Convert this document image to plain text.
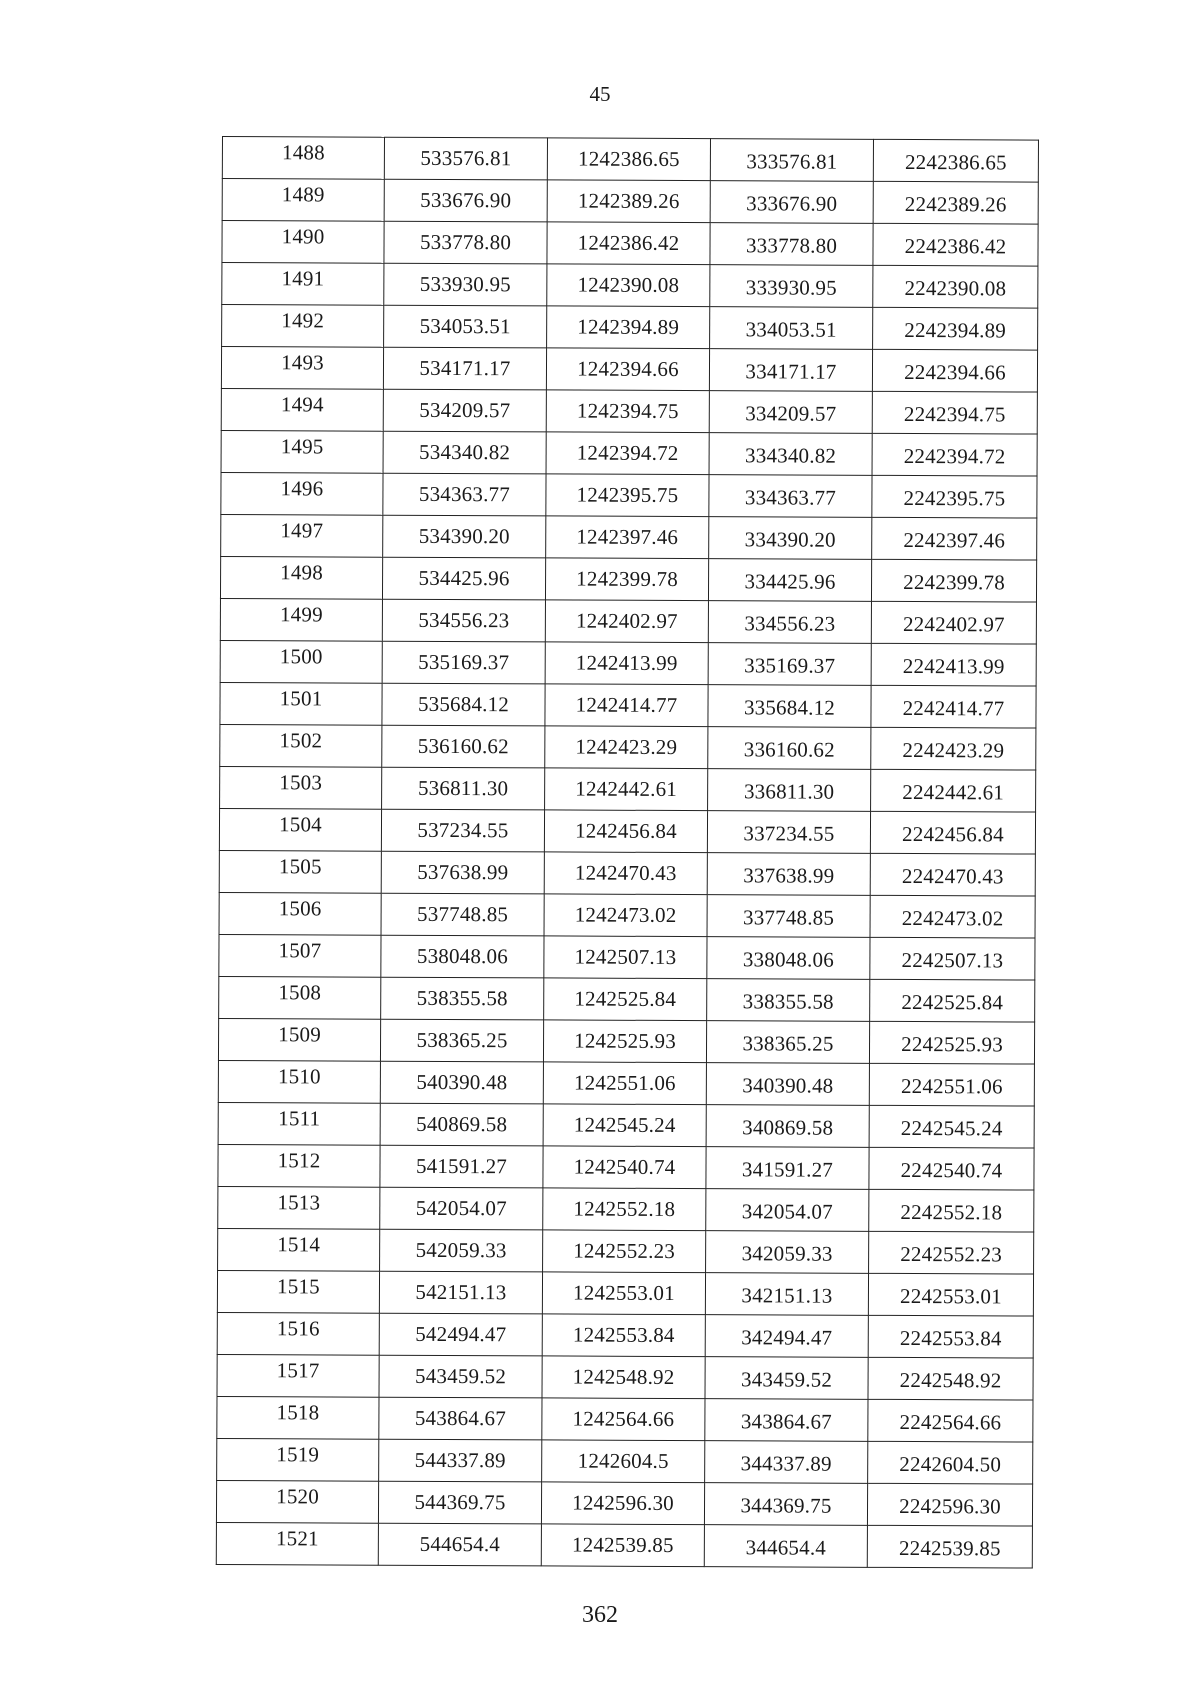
45
1488	533576.81	1242386.65	333576.81	2242386.65
1489	533676.90	1242389.26	333676.90	2242389.26
1490	533778.80	1242386.42	333778.80	2242386.42
1491	533930.95	1242390.08	333930.95	2242390.08
1492	534053.51	1242394.89	334053.51	2242394.89
1493	534171.17	1242394.66	334171.17	2242394.66
1494	534209.57	1242394.75	334209.57	2242394.75
1495	534340.82	1242394.72	334340.82	2242394.72
1496	534363.77	1242395.75	334363.77	2242395.75
1497	534390.20	1242397.46	334390.20	2242397.46
1498	534425.96	1242399.78	334425.96	2242399.78
1499	534556.23	1242402.97	334556.23	2242402.97
1500	535169.37	1242413.99	335169.37	2242413.99
1501	535684.12	1242414.77	335684.12	2242414.77
1502	536160.62	1242423.29	336160.62	2242423.29
1503	536811.30	1242442.61	336811.30	2242442.61
1504	537234.55	1242456.84	337234.55	2242456.84
1505	537638.99	1242470.43	337638.99	2242470.43
1506	537748.85	1242473.02	337748.85	2242473.02
1507	538048.06	1242507.13	338048.06	2242507.13
1508	538355.58	1242525.84	338355.58	2242525.84
1509	538365.25	1242525.93	338365.25	2242525.93
1510	540390.48	1242551.06	340390.48	2242551.06
1511	540869.58	1242545.24	340869.58	2242545.24
1512	541591.27	1242540.74	341591.27	2242540.74
1513	542054.07	1242552.18	342054.07	2242552.18
1514	542059.33	1242552.23	342059.33	2242552.23
1515	542151.13	1242553.01	342151.13	2242553.01
1516	542494.47	1242553.84	342494.47	2242553.84
1517	543459.52	1242548.92	343459.52	2242548.92
1518	543864.67	1242564.66	343864.67	2242564.66
1519	544337.89	1242604.5	344337.89	2242604.50
1520	544369.75	1242596.30	344369.75	2242596.30
1521	544654.4	1242539.85	344654.4	2242539.85
362
